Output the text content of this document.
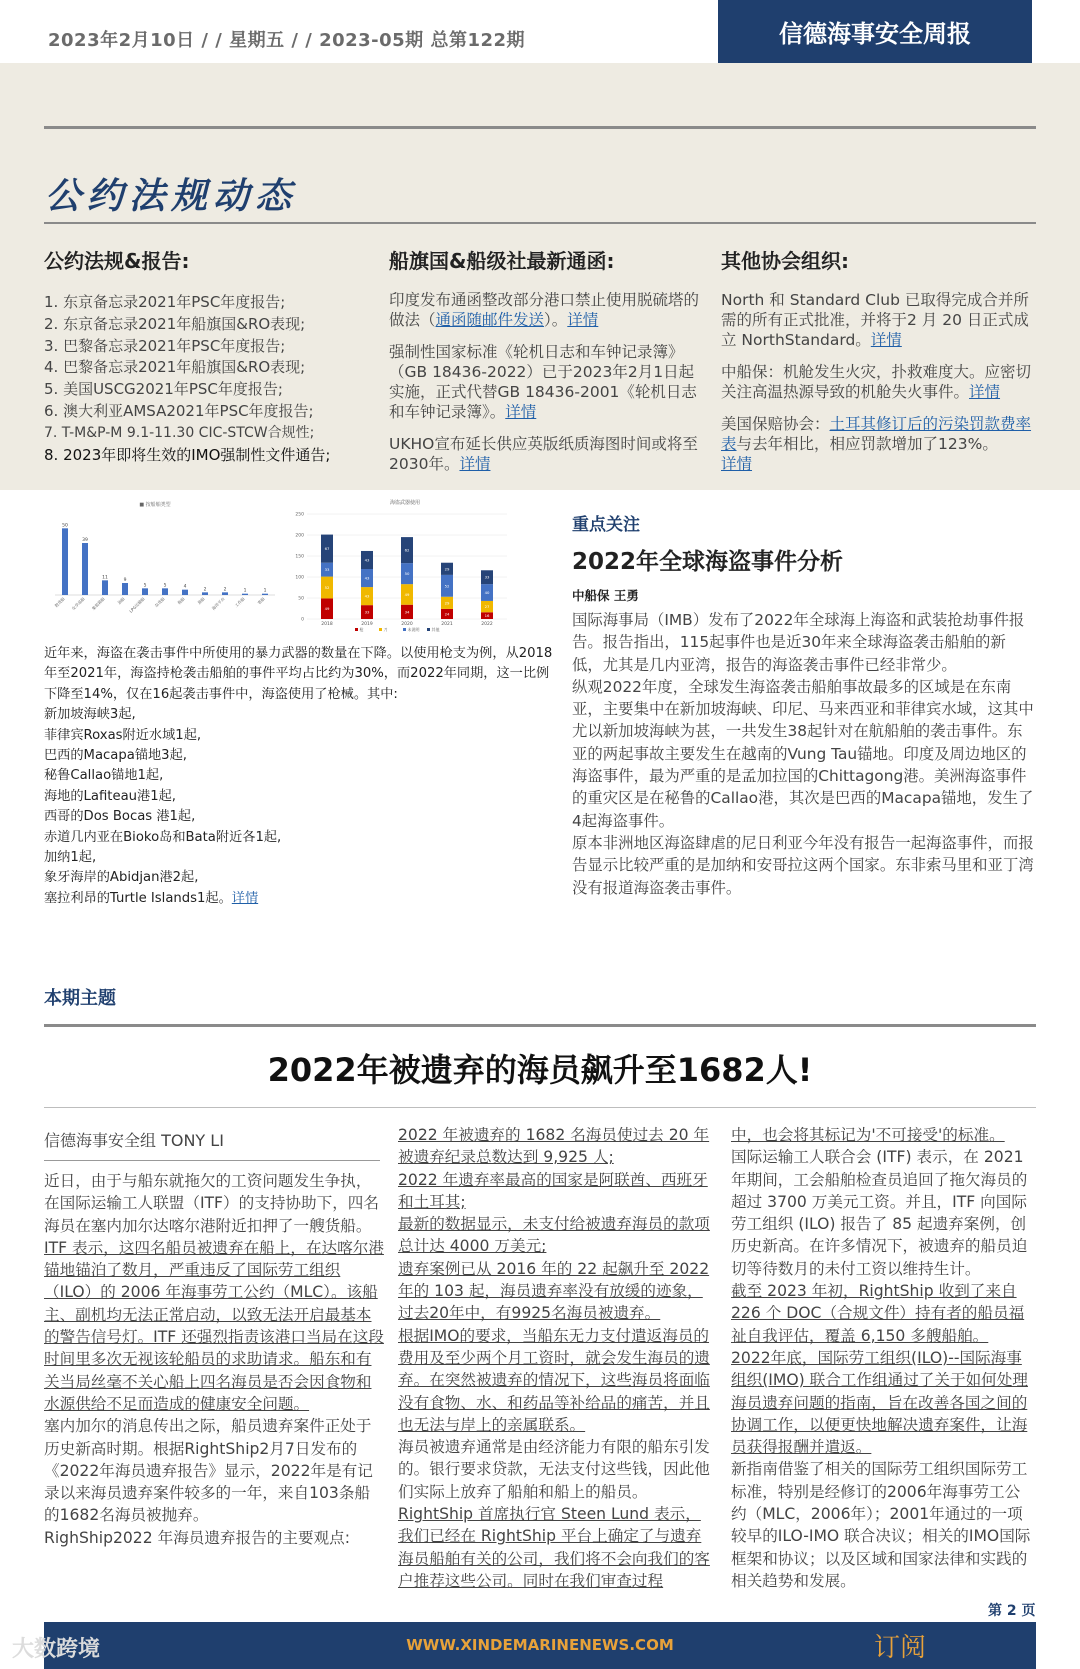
2023年2月10日 / / 星期五 / / 2023-05期 总第122期	信德海事安全周报
公约法规动态
公约法规&报告:	船旗国&船级社最新通函:	其他协会组织:
1. 东京备忘录2021年PSC年度报告;
2. 东京备忘录2021年船旗国&RO表现;
3. 巴黎备忘录2021年PSC年度报告;
4. 巴黎备忘录2021年船旗国&RO表现;
5. 美国USCG2021年PSC年度报告;
6. 澳大利亚AMSA2021年PSC年度报告;
7. T-M&P-M 9.1-11.30 CIC-STCW合规性;
8. 2023年即将生效的IMO强制性文件通告;
印度发布通函整改部分港口禁止使用脱硫塔的做法（通函随邮件发送）。详情
强制性国家标准《轮机日志和车钟记录簿》（GB 18436-2022）已于2023年2月1日起实施，正式代替GB 18436-2001《轮机日志和车钟记录簿》。详情
UKHO宣布延长供应英版纸质海图时间或将至2030年。详情
North 和 Standard Club 已取得完成合并所需的所有正式批准，并将于2 月 20 日正式成立 NorthStandard。详情
中船保：机舱发生火灾，扑救难度大。应密切关注高温热源导致的机舱失火事件。详情
美国保赔协会：土耳其修订后的污染罚款费率表与去年相比，相应罚款增加了123%。
详情
■ 按船舶类型
50
散货船
39
化学品船
11
集装箱船
9
油船
5
LPG运输船
5
杂货船
4
拖船
2
渔船
2
海洋平台
1
工作船
1
客船
海盗武器使用
0
50
100
150
200
250
49
52
33
67
2018
33
43
43
43
2019
34
49
50
62
2020
24
29
52
29
2021
16
27
40
33
2022
枪	刀	未说明	其他
近年来，海盗在袭击事件中所使用的暴力武器的数量在下降。以使用枪支为例，从2018年至2021年，海盗持枪袭击船舶的事件平均占比约为30%，而2022年同期，这一比例下降至14%，仅在16起袭击事件中，海盗使用了枪械。其中:
新加坡海峡3起,
菲律宾Roxas附近水域1起,
巴西的Macapa锚地3起,
秘鲁Callao锚地1起,
海地的Lafiteau港1起,
西哥的Dos Bocas 港1起,
赤道几内亚在Bioko岛和Bata附近各1起,
加纳1起,
象牙海岸的Abidjan港2起,
塞拉利昂的Turtle Islands1起。详情
重点关注
2022年全球海盗事件分析
中船保 王勇
国际海事局（IMB）发布了2022年全球海上海盗和武装抢劫事件报告。报告指出，115起事件也是近30年来全球海盗袭击船舶的新低，尤其是几内亚湾，报告的海盗袭击事件已经非常少。
纵观2022年度，全球发生海盗袭击船舶事故最多的区域是在东南亚，主要集中在新加坡海峡、印尼、马来西亚和菲律宾水域，这其中尤以新加坡海峡为甚，一共发生38起针对在航船舶的袭击事件。东亚的两起事故主要发生在越南的Vung Tau锚地。印度及周边地区的海盗事件，最为严重的是孟加拉国的Chittagong港。美洲海盗事件的重灾区是在秘鲁的Callao港，其次是巴西的Macapa锚地，发生了4起海盗事件。
原本非洲地区海盗肆虐的尼日利亚今年没有报告一起海盗事件，而报告显示比较严重的是加纳和安哥拉这两个国家。东非索马里和亚丁湾没有报道海盗袭击事件。
本期主题
2022年被遗弃的海员飙升至1682人!
信德海事安全组 TONY LI
近日，由于与船东就拖欠的工资问题发生争执，在国际运输工人联盟（ITF）的支持协助下，四名海员在塞内加尔达喀尔港附近扣押了一艘货船。
ITF 表示，这四名船员被遗弃在船上，在达喀尔港锚地锚泊了数月，严重违反了国际劳工组织（ILO）的 2006 年海事劳工公约（MLC）。该船主、副机均无法正常启动，以致无法开启最基本的警告信号灯。ITF 还强烈指责该港口当局在这段时间里多次无视该轮船员的求助请求。船东和有关当局丝毫不关心船上四名海员是否会因食物和水源供给不足而造成的健康安全问题。
塞内加尔的消息传出之际，船员遗弃案件正处于历史新高时期。根据RightShip2月7日发布的《2022年海员遗弃报告》显示，2022年是有记录以来海员遗弃案件较多的一年，来自103条船的1682名海员被抛弃。
RighShip2022 年海员遗弃报告的主要观点:
2022 年被遗弃的 1682 名海员使过去 20 年被遗弃纪录总数达到 9,925 人;
2022 年遗弃率最高的国家是阿联酋、西班牙和土耳其;
最新的数据显示，未支付给被遗弃海员的款项总计达 4000 万美元;
遗弃案例已从 2016 年的 22 起飙升至 2022 年的 103 起，海员遗弃率没有放缓的迹象，过去20年中，有9925名海员被遗弃。
根据IMO的要求，当船东无力支付遣返海员的费用及至少两个月工资时，就会发生海员的遗弃。在突然被遗弃的情况下，这些海员将面临没有食物、水、和药品等补给品的痛苦，并且也无法与岸上的亲属联系。
海员被遗弃通常是由经济能力有限的船东引发的。银行要求贷款，无法支付这些钱，因此他们实际上放弃了船舶和船上的船员。
RightShip 首席执行官 Steen Lund 表示，我们已经在 RightShip 平台上确定了与遗弃海员船舶有关的公司，我们将不会向我们的客户推荐这些公司。同时在我们审查过程
中，也会将其标记为'不可接受'的标准。
国际运输工人联合会 (ITF) 表示，在 2021 年期间，工会船舶检查员追回了拖欠海员的超过 3700 万美元工资。并且，ITF 向国际劳工组织 (ILO) 报告了 85 起遗弃案例，创历史新高。在许多情况下，被遗弃的船员迫切等待数月的未付工资以维持生计。
截至 2023 年初，RightShip 收到了来自 226 个 DOC（合规文件）持有者的船员福祉自我评估，覆盖 6,150 多艘船舶。
2022年底，国际劳工组织(ILO)--国际海事组织(IMO) 联合工作组通过了关于如何处理海员遗弃问题的指南，旨在改善各国之间的协调工作，以便更快地解决遗弃案件，让海员获得报酬并遣返。
新指南借鉴了相关的国际劳工组织国际劳工标准，特别是经修订的2006年海事劳工公约（MLC，2006年）；2001年通过的一项较早的ILO-IMO 联合决议；相关的IMO国际框架和协议；以及区域和国家法律和实践的相关趋势和发展。
第 2 页
WWW.XINDEMARINENEWS.COM	订阅
大数跨境
